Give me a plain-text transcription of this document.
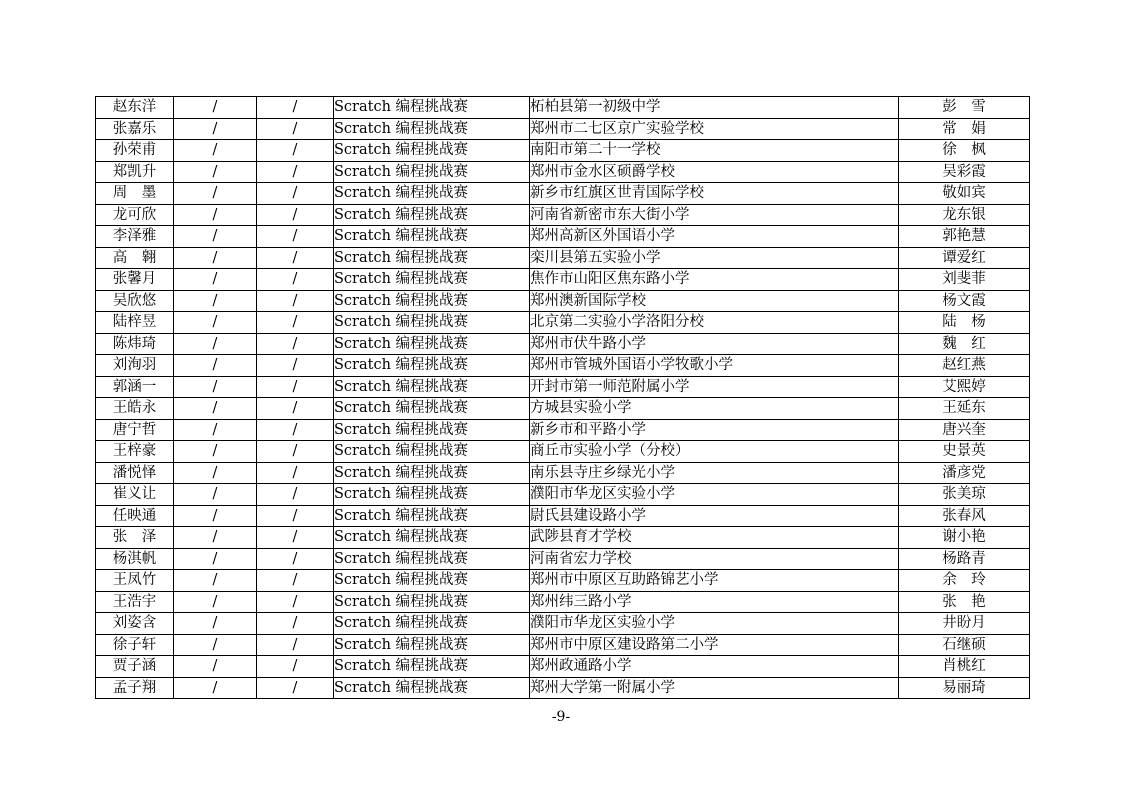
赵东洋	/	/	Scratch 编程挑战赛	柘柏县第一初级中学	彭　雪
张嘉乐	/	/	Scratch 编程挑战赛	郑州市二七区京广实验学校	常　娟
孙荣甫	/	/	Scratch 编程挑战赛	南阳市第二十一学校	徐　枫
郑凯升	/	/	Scratch 编程挑战赛	郑州市金水区硕爵学校	吴彩霞
周　墨	/	/	Scratch 编程挑战赛	新乡市红旗区世青国际学校	敬如宾
龙可欣	/	/	Scratch 编程挑战赛	河南省新密市东大街小学	龙东银
李泽雅	/	/	Scratch 编程挑战赛	郑州高新区外国语小学	郭艳慧
高　翱	/	/	Scratch 编程挑战赛	栾川县第五实验小学	谭爱红
张馨月	/	/	Scratch 编程挑战赛	焦作市山阳区焦东路小学	刘斐菲
吴欣悠	/	/	Scratch 编程挑战赛	郑州澳新国际学校	杨文霞
陆梓昱	/	/	Scratch 编程挑战赛	北京第二实验小学洛阳分校	陆　杨
陈炜琦	/	/	Scratch 编程挑战赛	郑州市伏牛路小学	魏　红
刘洵羽	/	/	Scratch 编程挑战赛	郑州市管城外国语小学牧歌小学	赵红燕
郭涵一	/	/	Scratch 编程挑战赛	开封市第一师范附属小学	艾熙婷
王皓永	/	/	Scratch 编程挑战赛	方城县实验小学	王延东
唐宁哲	/	/	Scratch 编程挑战赛	新乡市和平路小学	唐兴奎
王梓豪	/	/	Scratch 编程挑战赛	商丘市实验小学（分校）	史景英
潘悦怿	/	/	Scratch 编程挑战赛	南乐县寺庄乡绿光小学	潘彦党
崔义让	/	/	Scratch 编程挑战赛	濮阳市华龙区实验小学	张美琼
任映通	/	/	Scratch 编程挑战赛	尉氏县建设路小学	张春风
张　泽	/	/	Scratch 编程挑战赛	武陟县育才学校	谢小艳
杨淇帆	/	/	Scratch 编程挑战赛	河南省宏力学校	杨路青
王凤竹	/	/	Scratch 编程挑战赛	郑州市中原区互助路锦艺小学	余　玲
王浩宇	/	/	Scratch 编程挑战赛	郑州纬三路小学	张　艳
刘姿含	/	/	Scratch 编程挑战赛	濮阳市华龙区实验小学	井盼月
徐子轩	/	/	Scratch 编程挑战赛	郑州市中原区建设路第二小学	石继硕
贾子涵	/	/	Scratch 编程挑战赛	郑州政通路小学	肖桃红
孟子翔	/	/	Scratch 编程挑战赛	郑州大学第一附属小学	易丽琦
-9-
